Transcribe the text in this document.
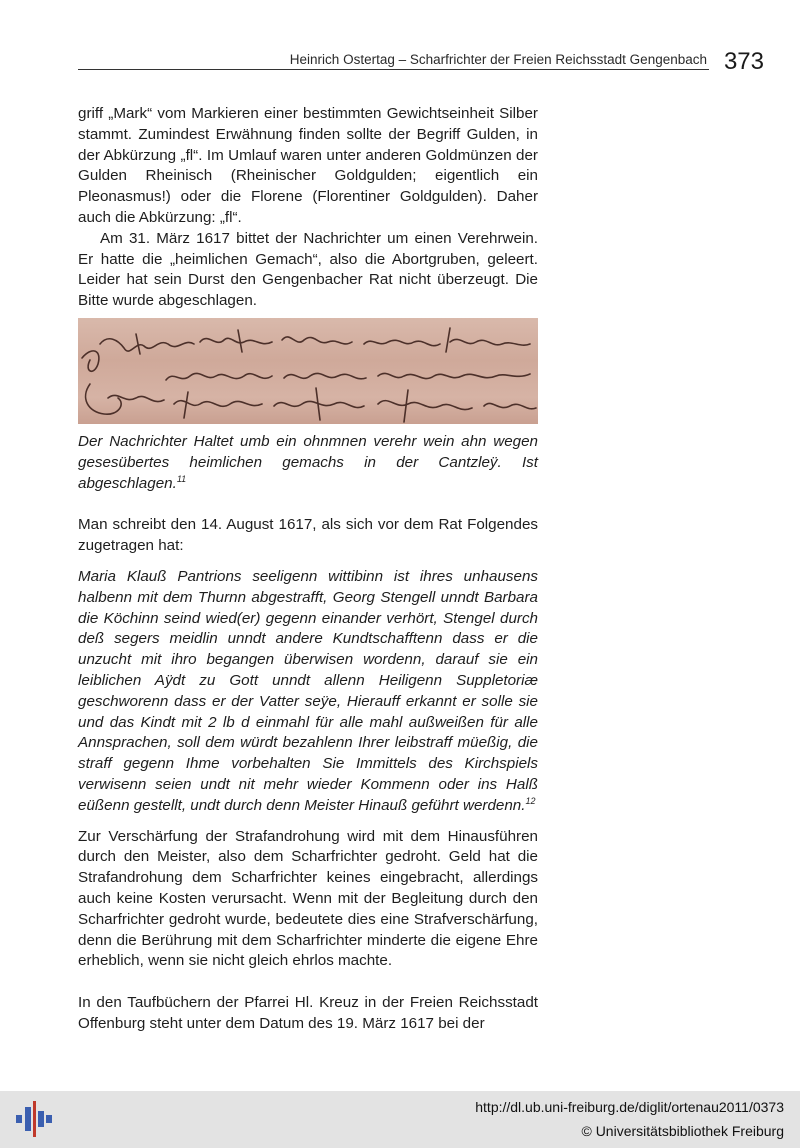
Heinrich Ostertag – Scharfrichter der Freien Reichsstadt Gengenbach 373

griff „Mark“ vom Markieren einer bestimmten Gewichtseinheit Silber stammt. Zumindest Erwähnung finden sollte der Begriff Gulden, in der Abkürzung „fl“. Im Umlauf waren unter anderen Goldmünzen der Gulden Rheinisch (Rheinischer Goldgulden; eigentlich ein Pleonasmus!) oder die Florene (Florentiner Goldgulden). Daher auch die Abkürzung: „fl“.

Am 31. März 1617 bittet der Nachrichter um einen Verehrwein. Er hatte die „heimlichen Gemach“, also die Abortgruben, geleert. Leider hat sein Durst den Gengenbacher Rat nicht überzeugt. Die Bitte wurde abgeschlagen.

Der Nachrichter Haltet umb ein ohnmnen verehr wein ahn wegen gesesübertes heimlichen gemachs in der Cantzleÿ. Ist abgeschlagen.$^{11}$

Man schreibt den 14. August 1617, als sich vor dem Rat Folgendes zugetragen hat:

Maria Klauß Pantrions seeligenn wittibinn ist ihres unhausens halbenn mit dem Thurnn abgestrafft, Georg Stengell unndt Barbara die Köchinn seind wied(er) gegenn einander verhört, Stengel durch deß segers meidlin unndt andere Kundtschafftenn dass er die unzucht mit ihro begangen überwisen wordenn, darauf sie ein leiblichen Aÿdt zu Gott unndt allenn Heiligenn Suppletoriæ geschworenn dass er der Vatter seÿe, Hierauff erkannt er solle sie und das Kindt mit 2 lb d einmahl für alle mahl außweißen für alle Annsprachen, soll dem würdt bezahlenn Ihrer leibstraff müeßig, die straff gegenn Ihme vorbehalten Sie Immittels des Kirchspiels verwisenn seien undt nit mehr wieder Kommenn oder ins Halß eüßenn gestellt, undt durch denn Meister Hinauß geführt werdenn.$^{12}$

Zur Verschärfung der Strafandrohung wird mit dem Hinausführen durch den Meister, also dem Scharfrichter gedroht. Geld hat die Strafandrohung dem Scharfrichter keines eingebracht, allerdings auch keine Kosten verursacht. Wenn mit der Begleitung durch den Scharfrichter gedroht wurde, bedeutete dies eine Strafverschärfung, denn die Berührung mit dem Scharfrichter minderte die eigene Ehre erheblich, wenn sie nicht gleich ehrlos machte.

In den Taufbüchern der Pfarrei Hl. Kreuz in der Freien Reichsstadt Offenburg steht unter dem Datum des 19. März 1617 bei der

http://dl.ub.uni-freiburg.de/diglit/ortenau2011/0373
© Universitätsbibliothek Freiburg
